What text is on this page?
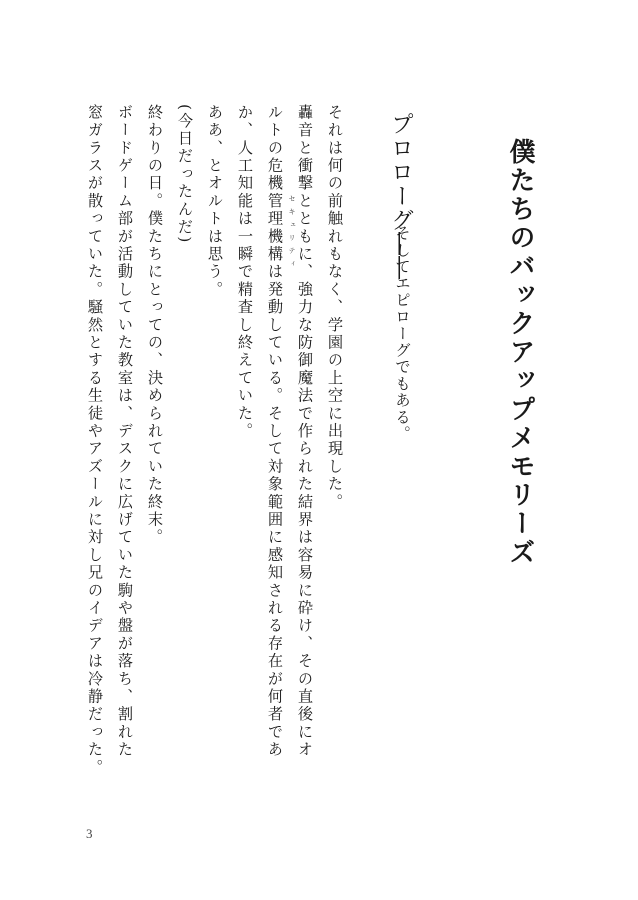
僕たちのバックアップメモリーズ
プロローグ――
そしてエピローグでもある。
それは何の前触れもなく、学園の上空に出現した。
轟音と衝撃とともに、強力な防御魔法で作られた結界は容易に砕け、その直後にオ
ルトの危機管理機構は発動している。そして対象範囲に感知される存在が何者であ
か、人工知能は一瞬で精査し終えていた。
ああ、とオルトは思う。
(今日だったんだ)
終わりの日。僕たちにとっての、決められていた終末。
ボードゲーム部が活動していた教室は、デスクに広げていた駒や盤が落ち、割れた
窓ガラスが散っていた。騒然とする生徒やアズールに対し兄のイデアは冷静だった。	セキュリティ
3
